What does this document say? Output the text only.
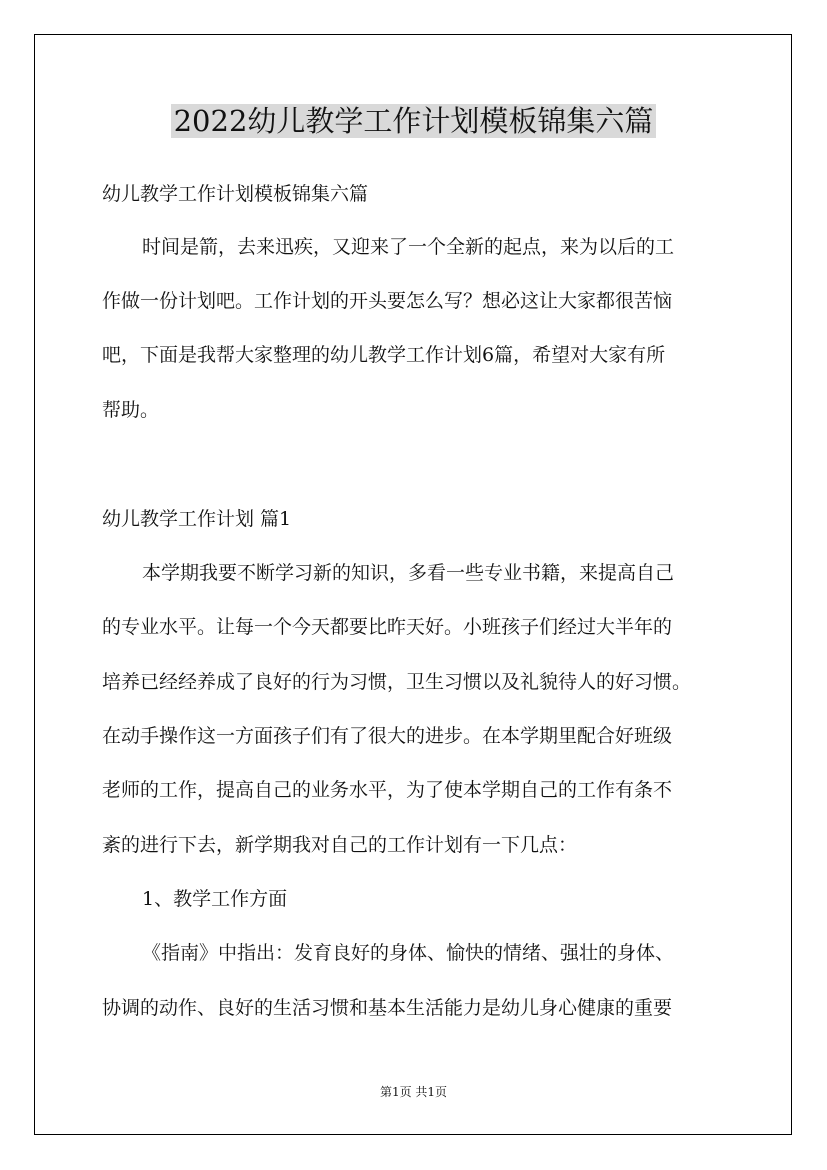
2022幼儿教学工作计划模板锦集六篇
幼儿教学工作计划模板锦集六篇
时间是箭，去来迅疾，又迎来了一个全新的起点，来为以后的工
作做一份计划吧。工作计划的开头要怎么写？想必这让大家都很苦恼
吧，下面是我帮大家整理的幼儿教学工作计划6篇，希望对大家有所
帮助。
幼儿教学工作计划 篇1
本学期我要不断学习新的知识，多看一些专业书籍，来提高自己
的专业水平。让每一个今天都要比昨天好。小班孩子们经过大半年的
培养已经经养成了良好的行为习惯，卫生习惯以及礼貌待人的好习惯。
在动手操作这一方面孩子们有了很大的进步。在本学期里配合好班级
老师的工作，提高自己的业务水平，为了使本学期自己的工作有条不
紊的进行下去，新学期我对自己的工作计划有一下几点：
1、教学工作方面
《指南》中指出：发育良好的身体、愉快的情绪、强壮的身体、
协调的动作、良好的生活习惯和基本生活能力是幼儿身心健康的重要
第1页 共1页
